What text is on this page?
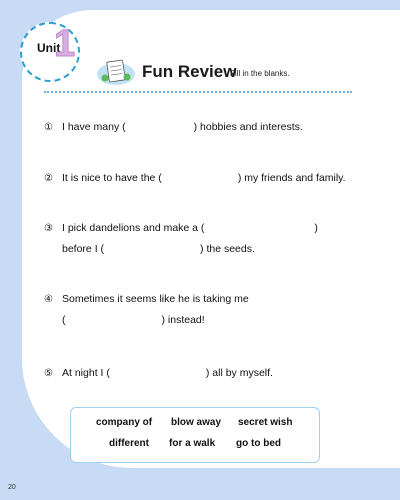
Unit
1
Fun Review
Fill in the blanks.
① I have many (	) hobbies and interests.
② It is nice to have the (	) my friends and family.
③ I pick dandelions and make a (	)
before I (	) the seeds.
④ Sometimes it seems like he is taking me
(	) instead!
⑤ At night I (	) all by myself.
company of blow away secret wish
different for a walk go to bed
20
